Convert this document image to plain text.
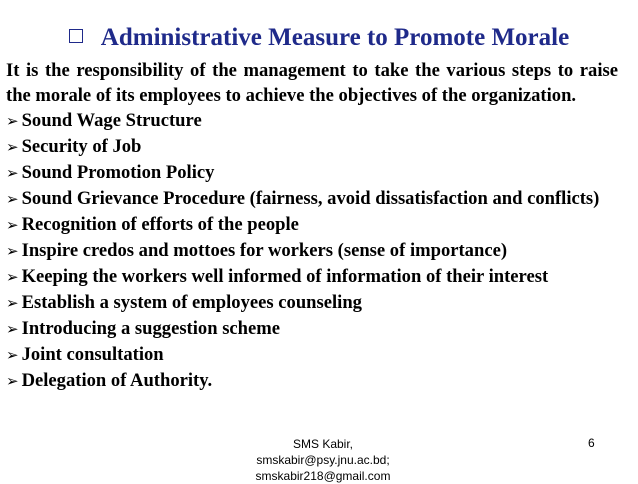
Administrative Measure to Promote Morale
It is the responsibility of the management to take the various steps to raise the morale of its employees to achieve the objectives of the organization.
➢ Sound Wage Structure
➢ Security of Job
➢ Sound Promotion Policy
➢ Sound Grievance Procedure (fairness, avoid dissatisfaction and conflicts)
➢ Recognition of efforts of the people
➢ Inspire credos and mottoes for workers (sense of importance)
➢ Keeping the workers well informed of information of their interest
➢ Establish a system of employees counseling
➢ Introducing a suggestion scheme
➢ Joint consultation
➢ Delegation of Authority.
SMS Kabir,
smskabir@psy.jnu.ac.bd;
smskabir218@gmail.com
6
